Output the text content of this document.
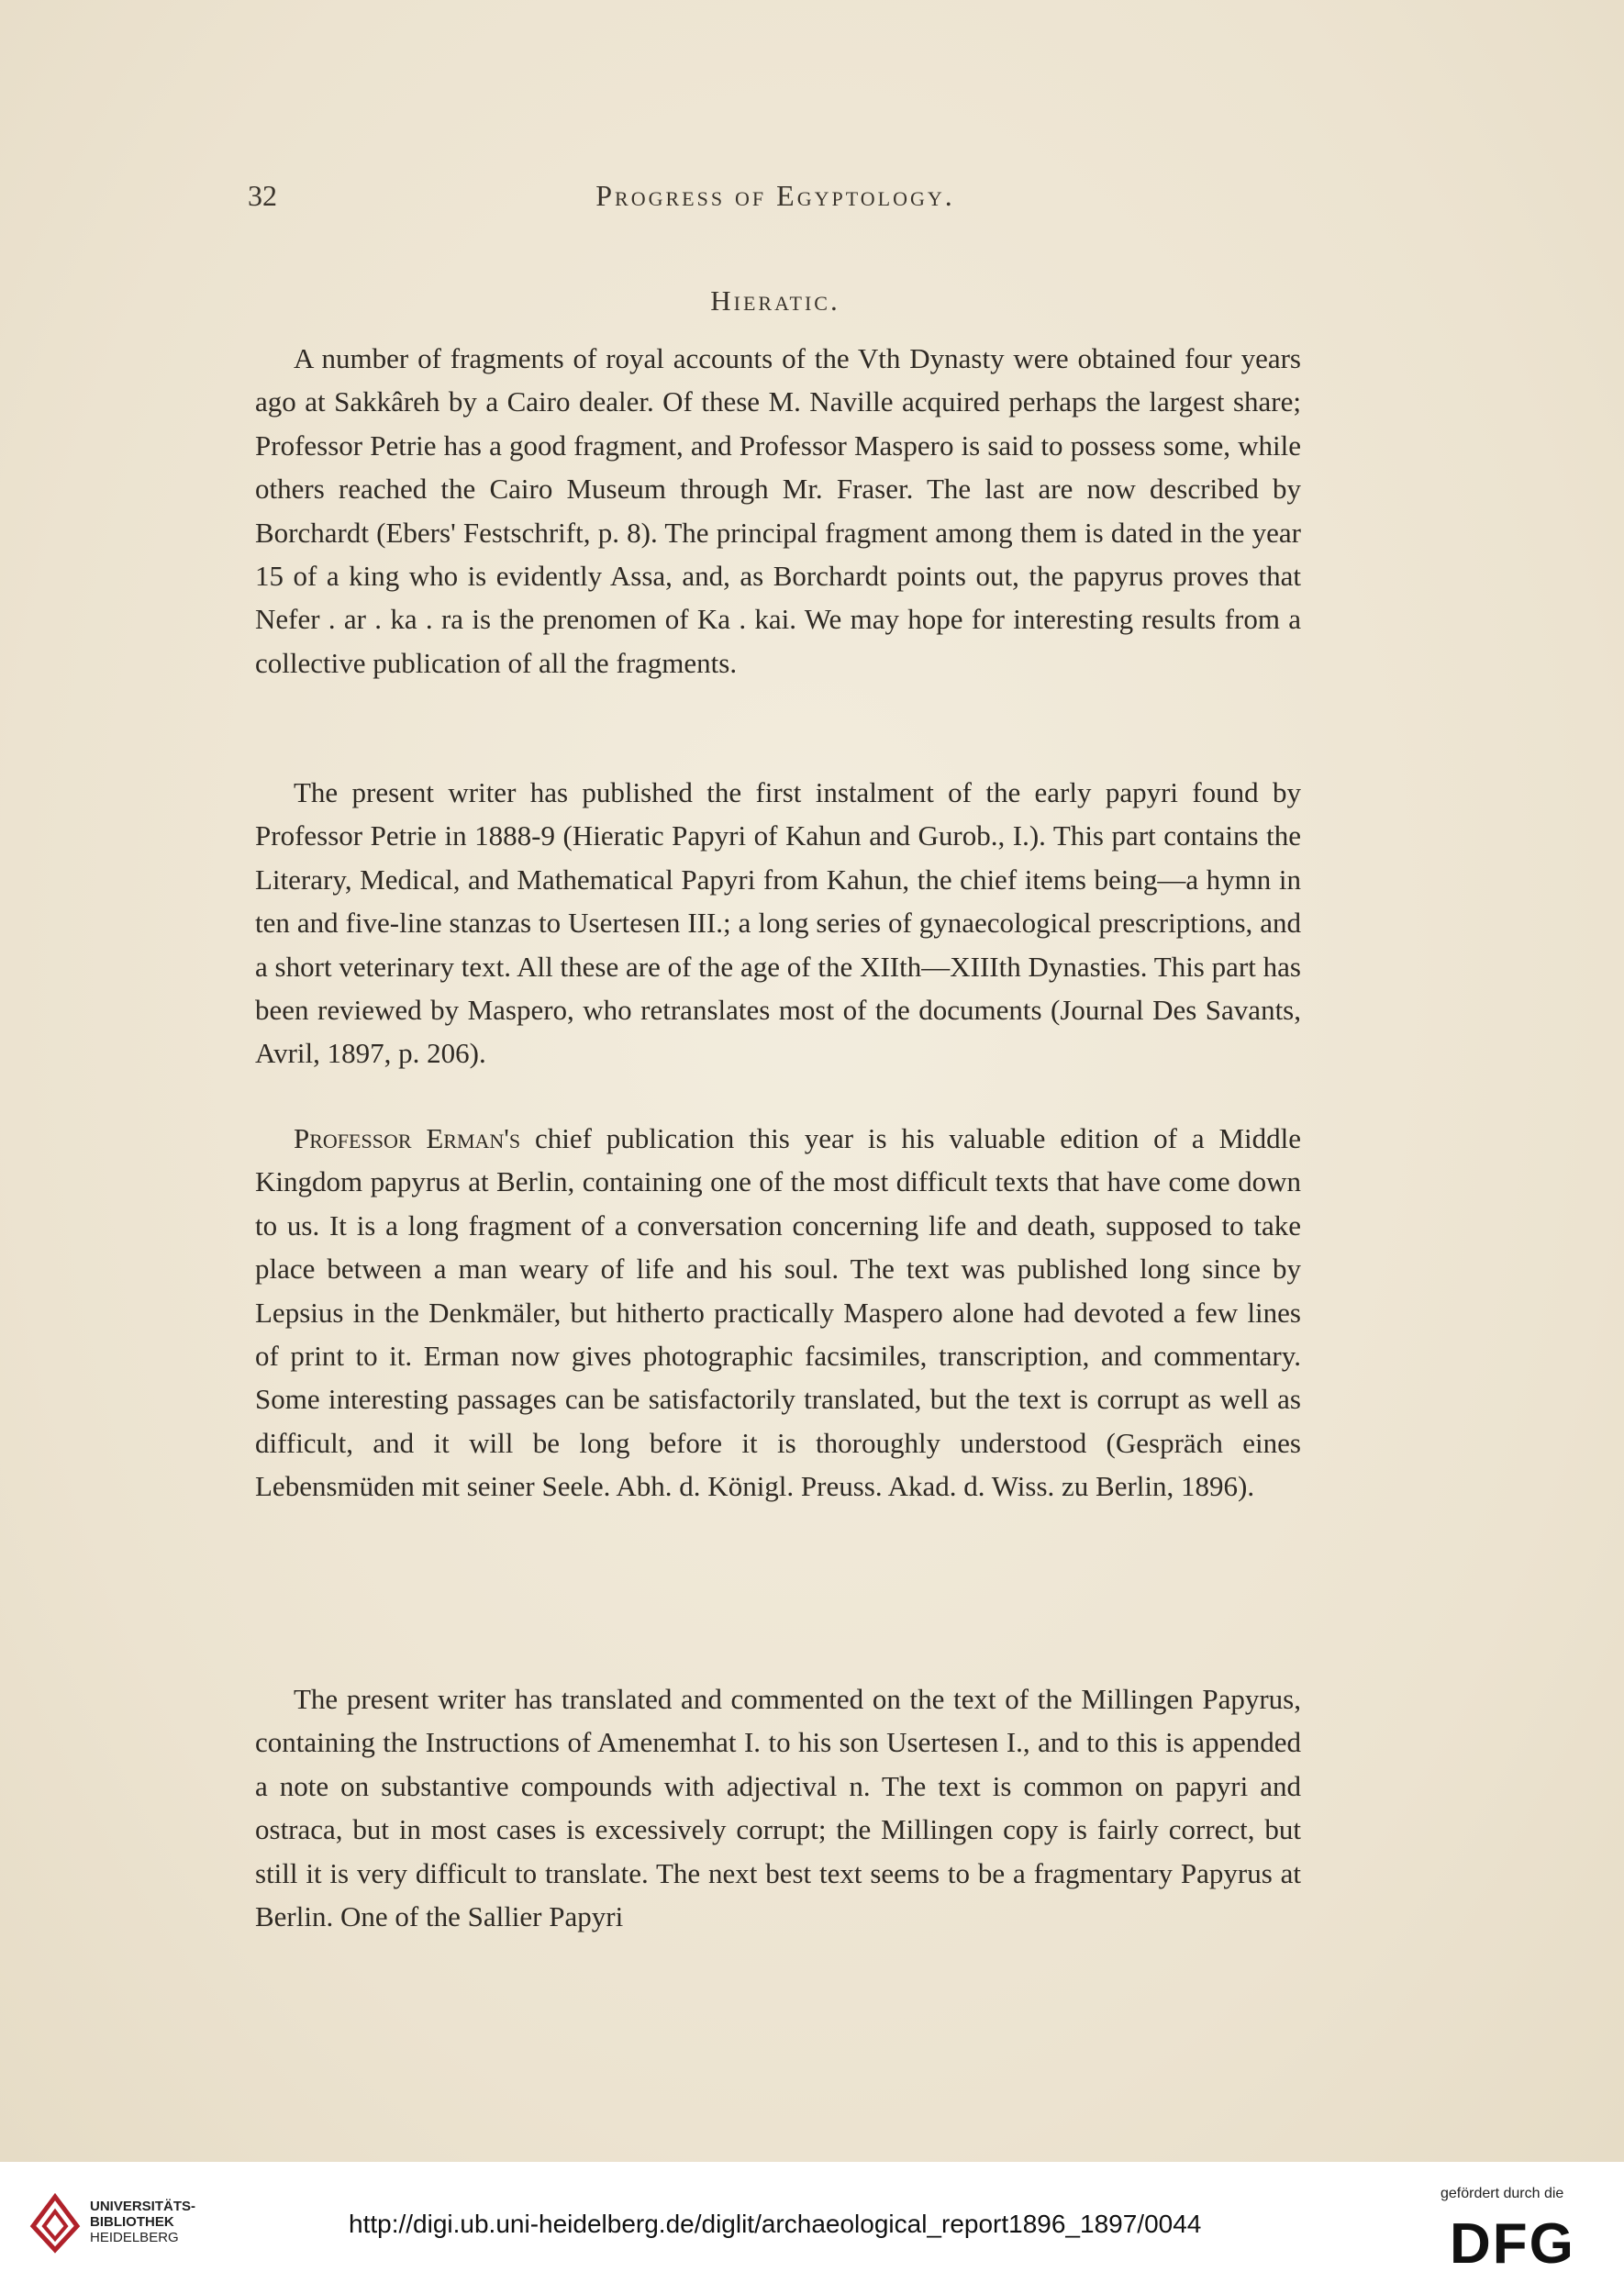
32	Progress of Egyptology.
Hieratic.

A number of fragments of royal accounts of the Vth Dynasty were obtained four years ago at Sakkâreh by a Cairo dealer. Of these M. Naville acquired perhaps the largest share; Professor Petrie has a good fragment, and Professor Maspero is said to possess some, while others reached the Cairo Museum through Mr. Fraser. The last are now described by Borchardt (Ebers' Festschrift, p. 8). The principal fragment among them is dated in the year 15 of a king who is evidently Assa, and, as Borchardt points out, the papyrus proves that Nefer . ar . ka . ra is the prenomen of Ka . kai. We may hope for interesting results from a collective publication of all the fragments.

The present writer has published the first instalment of the early papyri found by Professor Petrie in 1888-9 (Hieratic Papyri of Kahun and Gurob., I.). This part contains the Literary, Medical, and Mathematical Papyri from Kahun, the chief items being—a hymn in ten and five-line stanzas to Usertesen III.; a long series of gynaecological prescriptions, and a short veterinary text. All these are of the age of the XIIth—XIIIth Dynasties. This part has been reviewed by Maspero, who retranslates most of the documents (Journal Des Savants, Avril, 1897, p. 206).

Professor Erman's chief publication this year is his valuable edition of a Middle Kingdom papyrus at Berlin, containing one of the most difficult texts that have come down to us. It is a long fragment of a conversation concerning life and death, supposed to take place between a man weary of life and his soul. The text was published long since by Lepsius in the Denkmäler, but hitherto practically Maspero alone had devoted a few lines of print to it. Erman now gives photographic facsimiles, transcription, and commentary. Some interesting passages can be satisfactorily translated, but the text is corrupt as well as difficult, and it will be long before it is thoroughly understood (Gespräch eines Lebensmüden mit seiner Seele. Abh. d. Königl. Preuss. Akad. d. Wiss. zu Berlin, 1896).

The present writer has translated and commented on the text of the Millingen Papyrus, containing the Instructions of Amenemhat I. to his son Usertesen I., and to this is appended a note on substantive compounds with adjectival n. The text is common on papyri and ostraca, but in most cases is excessively corrupt; the Millingen copy is fairly correct, but still it is very difficult to translate. The next best text seems to be a fragmentary Papyrus at Berlin. One of the Sallier Papyri

UNIVERSITÄTS-
BIBLIOTHEK
HEIDELBERG	http://digi.ub.uni-heidelberg.de/diglit/archaeological_report1896_1897/0044
gefördert durch die
DFG
